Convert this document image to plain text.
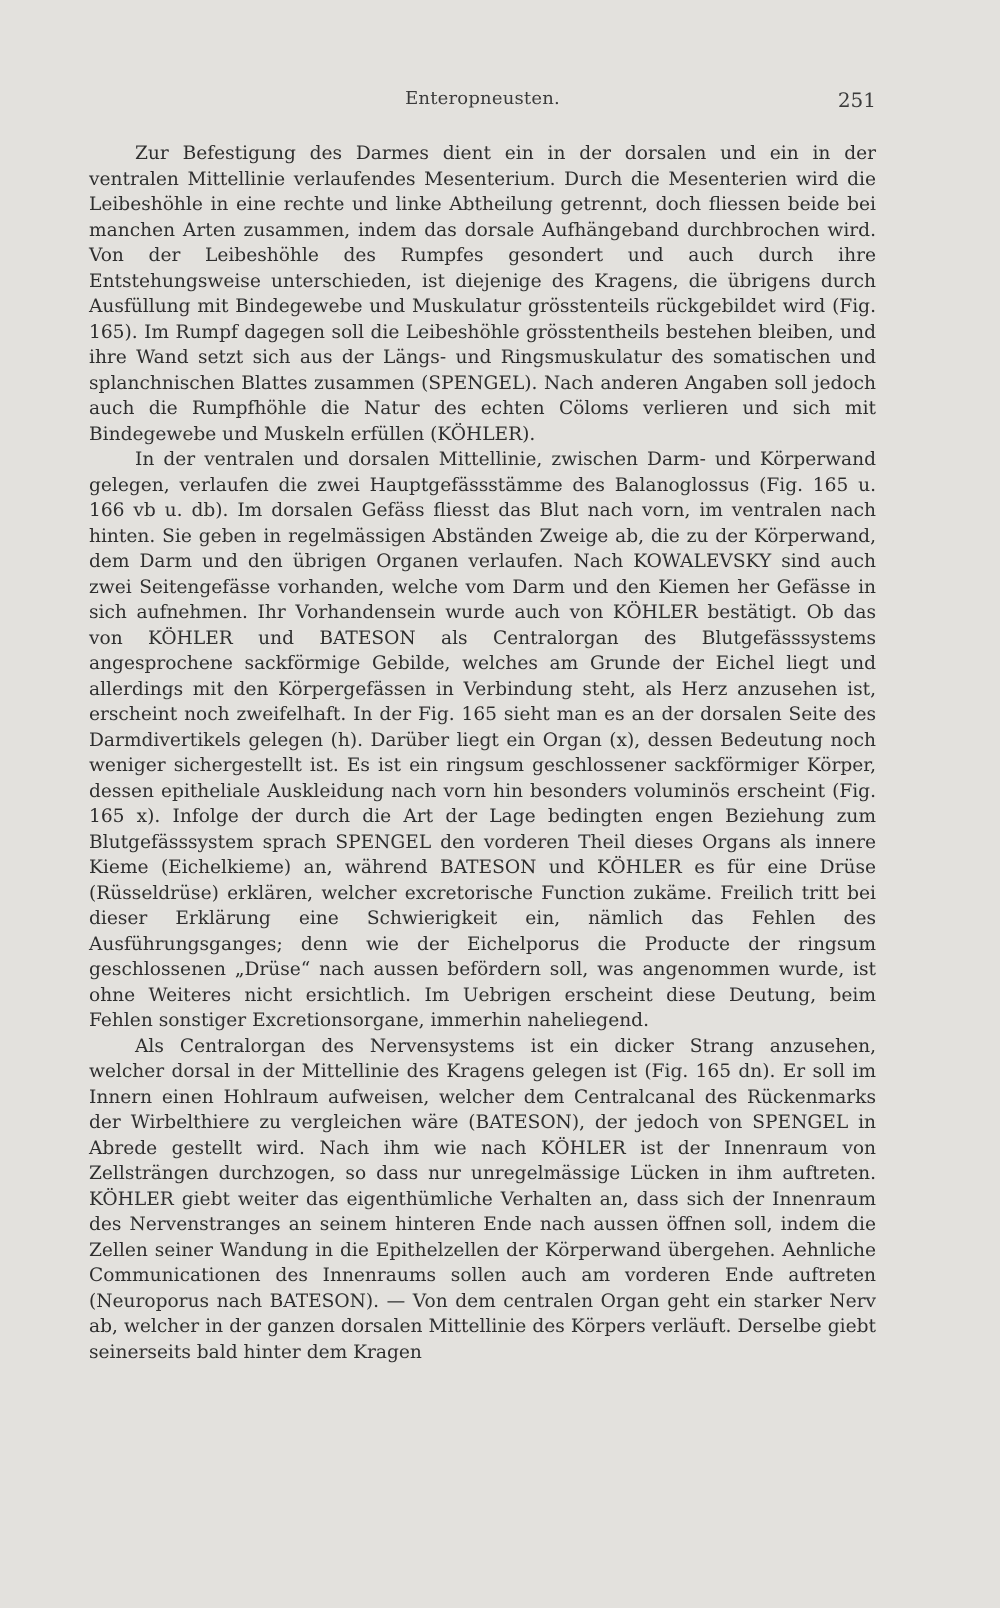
Enteropneusten.	251

Zur Befestigung des Darmes dient ein in der dorsalen und ein in der ventralen Mittellinie verlaufendes Mesenterium. Durch die Mesenterien wird die Leibeshöhle in eine rechte und linke Abtheilung getrennt, doch fliessen beide bei manchen Arten zusammen, indem das dorsale Aufhängeband durchbrochen wird. Von der Leibeshöhle des Rumpfes gesondert und auch durch ihre Entstehungsweise unterschieden, ist diejenige des Kragens, die übrigens durch Ausfüllung mit Bindegewebe und Muskulatur grösstenteils rückgebildet wird (Fig. 165). Im Rumpf dagegen soll die Leibeshöhle grösstentheils bestehen bleiben, und ihre Wand setzt sich aus der Längs- und Ringsmuskulatur des somatischen und splanchnischen Blattes zusammen (SPENGEL). Nach anderen Angaben soll jedoch auch die Rumpfhöhle die Natur des echten Cöloms verlieren und sich mit Bindegewebe und Muskeln erfüllen (KÖHLER).

In der ventralen und dorsalen Mittellinie, zwischen Darm- und Körperwand gelegen, verlaufen die zwei Hauptgefässstämme des Balanoglossus (Fig. 165 u. 166 vb u. db). Im dorsalen Gefäss fliesst das Blut nach vorn, im ventralen nach hinten. Sie geben in regelmässigen Abständen Zweige ab, die zu der Körperwand, dem Darm und den übrigen Organen verlaufen. Nach KOWALEVSKY sind auch zwei Seitengefässe vorhanden, welche vom Darm und den Kiemen her Gefässe in sich aufnehmen. Ihr Vorhandensein wurde auch von KÖHLER bestätigt. Ob das von KÖHLER und BATESON als Centralorgan des Blutgefässsystems angesprochene sackförmige Gebilde, welches am Grunde der Eichel liegt und allerdings mit den Körpergefässen in Verbindung steht, als Herz anzusehen ist, erscheint noch zweifelhaft. In der Fig. 165 sieht man es an der dorsalen Seite des Darmdivertikels gelegen (h). Darüber liegt ein Organ (x), dessen Bedeutung noch weniger sichergestellt ist. Es ist ein ringsum geschlossener sackförmiger Körper, dessen epitheliale Auskleidung nach vorn hin besonders voluminös erscheint (Fig. 165 x). Infolge der durch die Art der Lage bedingten engen Beziehung zum Blutgefässsystem sprach SPENGEL den vorderen Theil dieses Organs als innere Kieme (Eichelkieme) an, während BATESON und KÖHLER es für eine Drüse (Rüsseldrüse) erklären, welcher excretorische Function zukäme. Freilich tritt bei dieser Erklärung eine Schwierigkeit ein, nämlich das Fehlen des Ausführungsganges; denn wie der Eichelporus die Producte der ringsum geschlossenen „Drüse“ nach aussen befördern soll, was angenommen wurde, ist ohne Weiteres nicht ersichtlich. Im Uebrigen erscheint diese Deutung, beim Fehlen sonstiger Excretionsorgane, immerhin naheliegend.

Als Centralorgan des Nervensystems ist ein dicker Strang anzusehen, welcher dorsal in der Mittellinie des Kragens gelegen ist (Fig. 165 dn). Er soll im Innern einen Hohlraum aufweisen, welcher dem Centralcanal des Rückenmarks der Wirbelthiere zu vergleichen wäre (BATESON), der jedoch von SPENGEL in Abrede gestellt wird. Nach ihm wie nach KÖHLER ist der Innenraum von Zellsträngen durchzogen, so dass nur unregelmässige Lücken in ihm auftreten. KÖHLER giebt weiter das eigenthümliche Verhalten an, dass sich der Innenraum des Nervenstranges an seinem hinteren Ende nach aussen öffnen soll, indem die Zellen seiner Wandung in die Epithelzellen der Körperwand übergehen. Aehnliche Communicationen des Innenraums sollen auch am vorderen Ende auftreten (Neuroporus nach BATESON). — Von dem centralen Organ geht ein starker Nerv ab, welcher in der ganzen dorsalen Mittellinie des Körpers verläuft. Derselbe giebt seinerseits bald hinter dem Kragen
